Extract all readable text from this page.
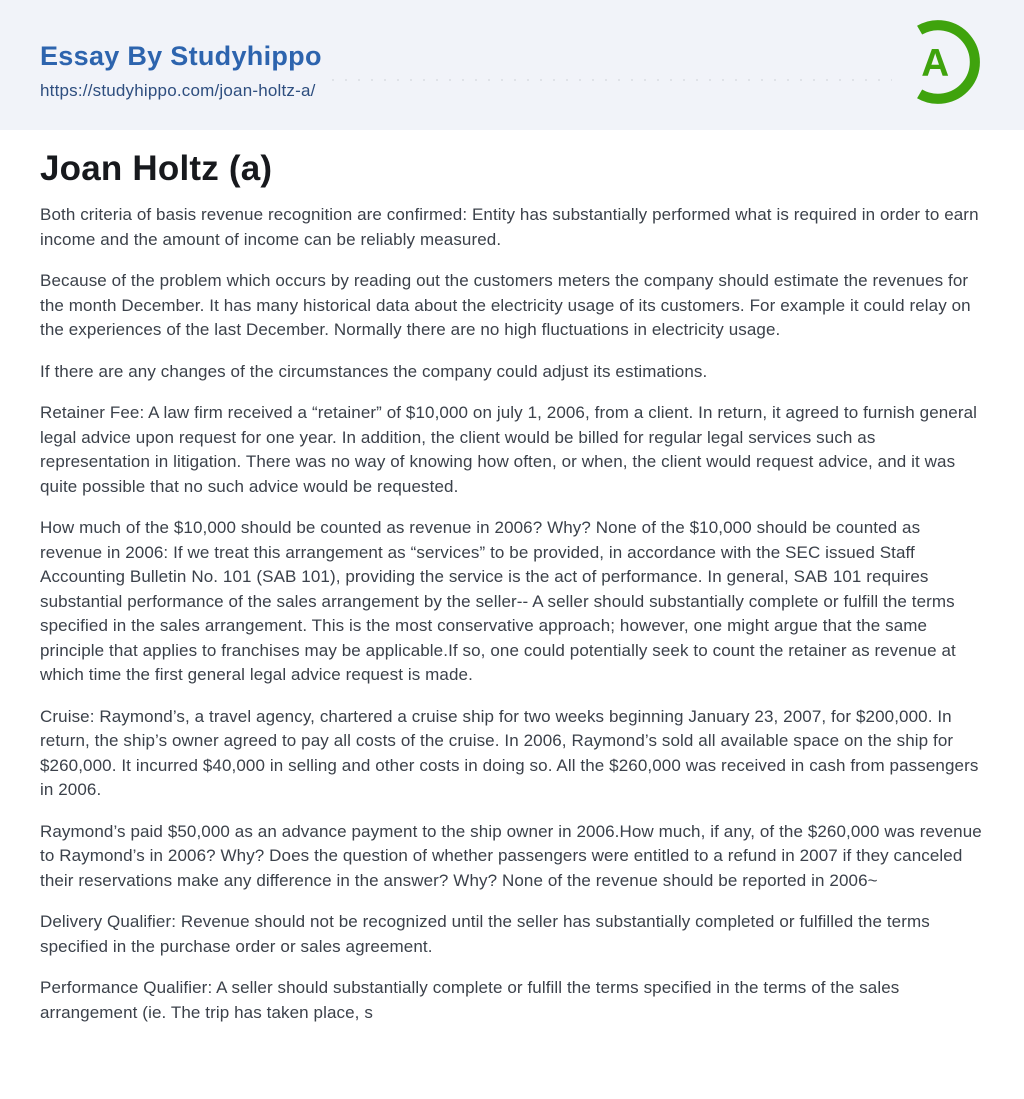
Essay By Studyhippo
https://studyhippo.com/joan-holtz-a/
A
Joan Holtz (a)

Both criteria of basis revenue recognition are confirmed: Entity has substantially performed what is required in order to earn income and the amount of income can be reliably measured.

Because of the problem which occurs by reading out the customers meters the company should estimate the revenues for the month December. It has many historical data about the electricity usage of its customers. For example it could relay on the experiences of the last December. Normally there are no high fluctuations in electricity usage.

If there are any changes of the circumstances the company could adjust its estimations.

Retainer Fee: A law firm received a “retainer” of $10,000 on july 1, 2006, from a client. In return, it agreed to furnish general legal advice upon request for one year. In addition, the client would be billed for regular legal services such as representation in litigation. There was no way of knowing how often, or when, the client would request advice, and it was quite possible that no such advice would be requested.

How much of the $10,000 should be counted as revenue in 2006? Why? None of the $10,000 should be counted as revenue in 2006: If we treat this arrangement as “services” to be provided, in accordance with the SEC issued Staff Accounting Bulletin No. 101 (SAB 101), providing the service is the act of performance. In general, SAB 101 requires substantial performance of the sales arrangement by the seller-- A seller should substantially complete or fulfill the terms specified in the sales arrangement. This is the most conservative approach; however, one might argue that the same principle that applies to franchises may be applicable.If so, one could potentially seek to count the retainer as revenue at which time the first general legal advice request is made.

Cruise: Raymond’s, a travel agency, chartered a cruise ship for two weeks beginning January 23, 2007, for $200,000. In return, the ship’s owner agreed to pay all costs of the cruise. In 2006, Raymond’s sold all available space on the ship for $260,000. It incurred $40,000 in selling and other costs in doing so. All the $260,000 was received in cash from passengers in 2006.

Raymond’s paid $50,000 as an advance payment to the ship owner in 2006.How much, if any, of the $260,000 was revenue to Raymond’s in 2006? Why? Does the question of whether passengers were entitled to a refund in 2007 if they canceled their reservations make any difference in the answer? Why? None of the revenue should be reported in 2006~

Delivery Qualifier: Revenue should not be recognized until the seller has substantially completed or fulfilled the terms specified in the purchase order or sales agreement.

Performance Qualifier: A seller should substantially complete or fulfill the terms specified in the terms of the sales arrangement (ie. The trip has taken place, s
